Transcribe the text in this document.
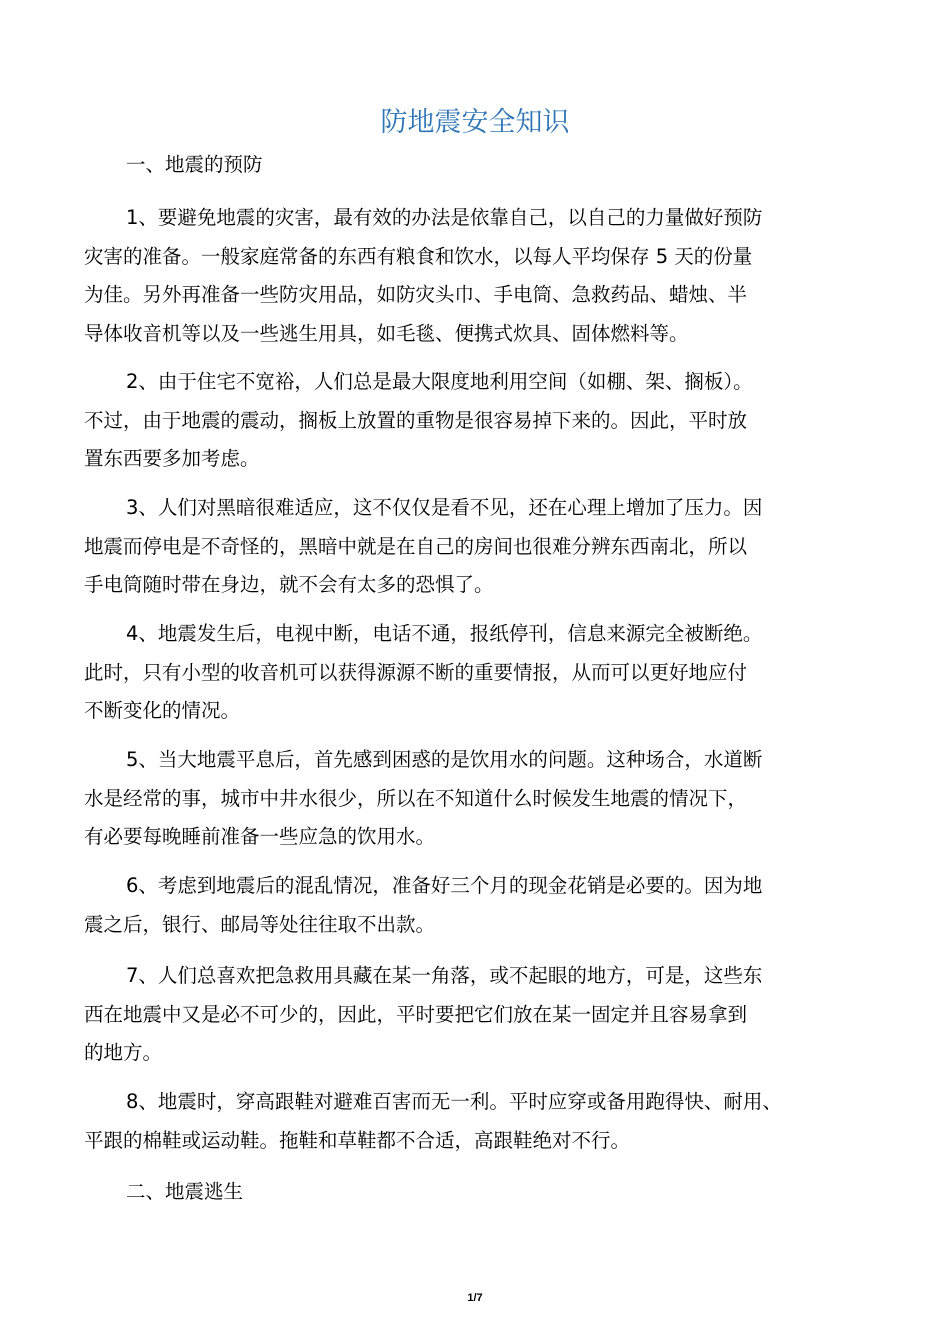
防地震安全知识
一、地震的预防
1、要避免地震的灾害，最有效的办法是依靠自己，以自己的力量做好预防
灾害的准备。一般家庭常备的东西有粮食和饮水，以每人平均保存 5 天的份量
为佳。另外再准备一些防灾用品，如防灾头巾、手电筒、急救药品、蜡烛、半
导体收音机等以及一些逃生用具，如毛毯、便携式炊具、固体燃料等。
2、由于住宅不宽裕，人们总是最大限度地利用空间（如棚、架、搁板）。
不过，由于地震的震动，搁板上放置的重物是很容易掉下来的。因此，平时放
置东西要多加考虑。
3、人们对黑暗很难适应，这不仅仅是看不见，还在心理上增加了压力。因
地震而停电是不奇怪的，黑暗中就是在自己的房间也很难分辨东西南北，所以
手电筒随时带在身边，就不会有太多的恐惧了。
4、地震发生后，电视中断，电话不通，报纸停刊，信息来源完全被断绝。
此时，只有小型的收音机可以获得源源不断的重要情报，从而可以更好地应付
不断变化的情况。
5、当大地震平息后，首先感到困惑的是饮用水的问题。这种场合，水道断
水是经常的事，城市中井水很少，所以在不知道什么时候发生地震的情况下，
有必要每晚睡前准备一些应急的饮用水。
6、考虑到地震后的混乱情况，准备好三个月的现金花销是必要的。因为地
震之后，银行、邮局等处往往取不出款。
7、人们总喜欢把急救用具藏在某一角落，或不起眼的地方，可是，这些东
西在地震中又是必不可少的，因此，平时要把它们放在某一固定并且容易拿到
的地方。
8、地震时，穿高跟鞋对避难百害而无一利。平时应穿或备用跑得快、耐用、
平跟的棉鞋或运动鞋。拖鞋和草鞋都不合适，高跟鞋绝对不行。
二、地震逃生
1/7
